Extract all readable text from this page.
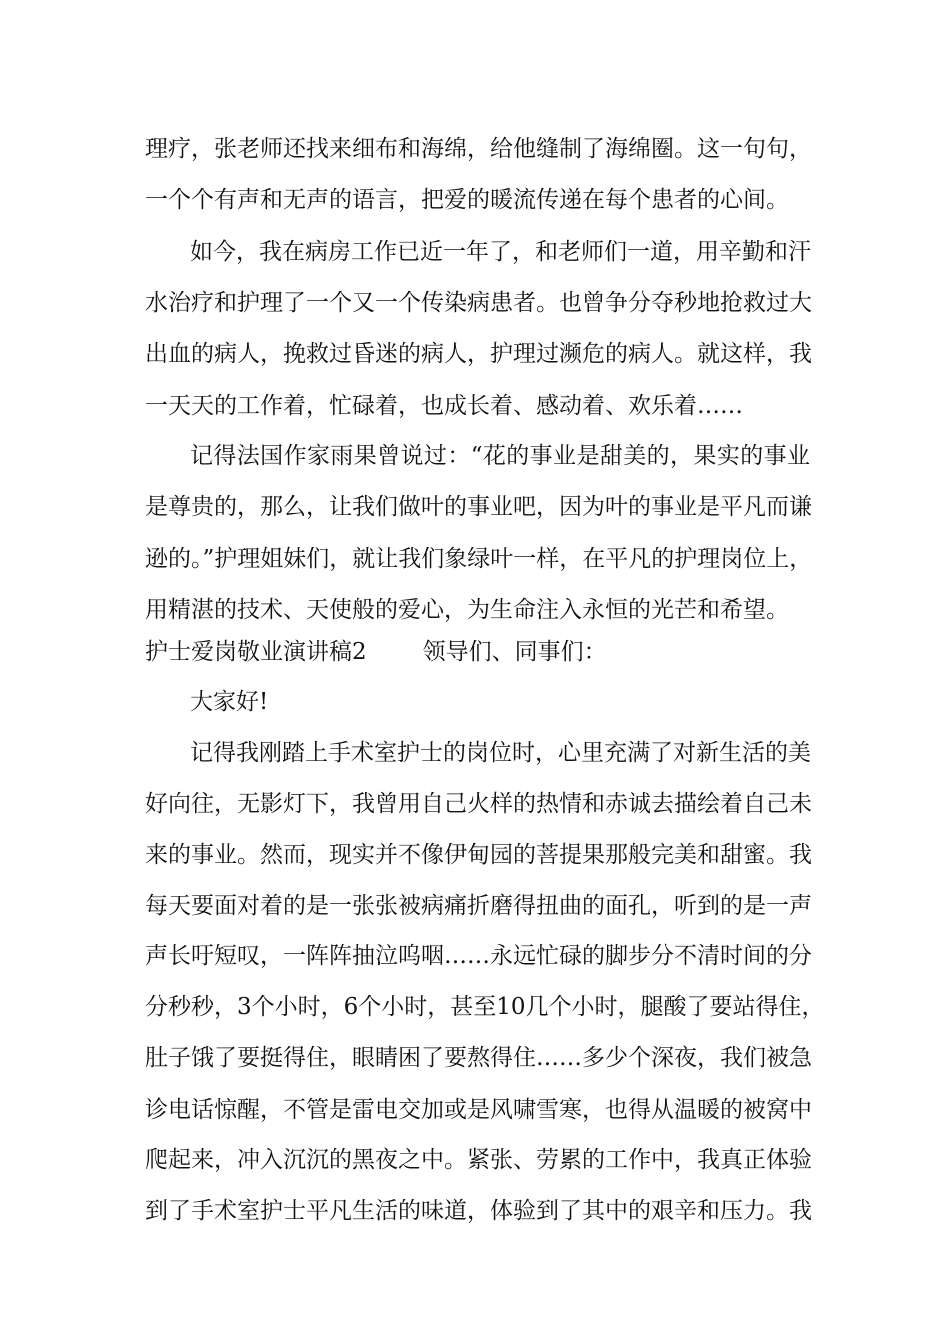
理疗，张老师还找来细布和海绵，给他缝制了海绵圈。这一句句，
一个个有声和无声的语言，把爱的暖流传递在每个患者的心间。
如今，我在病房工作已近一年了，和老师们一道，用辛勤和汗
水治疗和护理了一个又一个传染病患者。也曾争分夺秒地抢救过大
出血的病人，挽救过昏迷的病人，护理过濒危的病人。就这样，我
一天天的工作着，忙碌着，也成长着、感动着、欢乐着……
记得法国作家雨果曾说过：“花的事业是甜美的，果实的事业
是尊贵的，那么，让我们做叶的事业吧，因为叶的事业是平凡而谦
逊的。”护理姐妹们，就让我们象绿叶一样，在平凡的护理岗位上，
用精湛的技术、天使般的爱心，为生命注入永恒的光芒和希望。
护士爱岗敬业演讲稿2 领导们、同事们：
大家好!
记得我刚踏上手术室护士的岗位时，心里充满了对新生活的美
好向往，无影灯下，我曾用自己火样的热情和赤诚去描绘着自己未
来的事业。然而，现实并不像伊甸园的菩提果那般完美和甜蜜。我
每天要面对着的是一张张被病痛折磨得扭曲的面孔，听到的是一声
声长吁短叹，一阵阵抽泣呜咽……永远忙碌的脚步分不清时间的分
分秒秒，3个小时，6个小时，甚至10几个小时，腿酸了要站得住，
肚子饿了要挺得住，眼睛困了要熬得住……多少个深夜，我们被急
诊电话惊醒，不管是雷电交加或是风啸雪寒，也得从温暖的被窝中
爬起来，冲入沉沉的黑夜之中。紧张、劳累的工作中，我真正体验
到了手术室护士平凡生活的味道，体验到了其中的艰辛和压力。我
